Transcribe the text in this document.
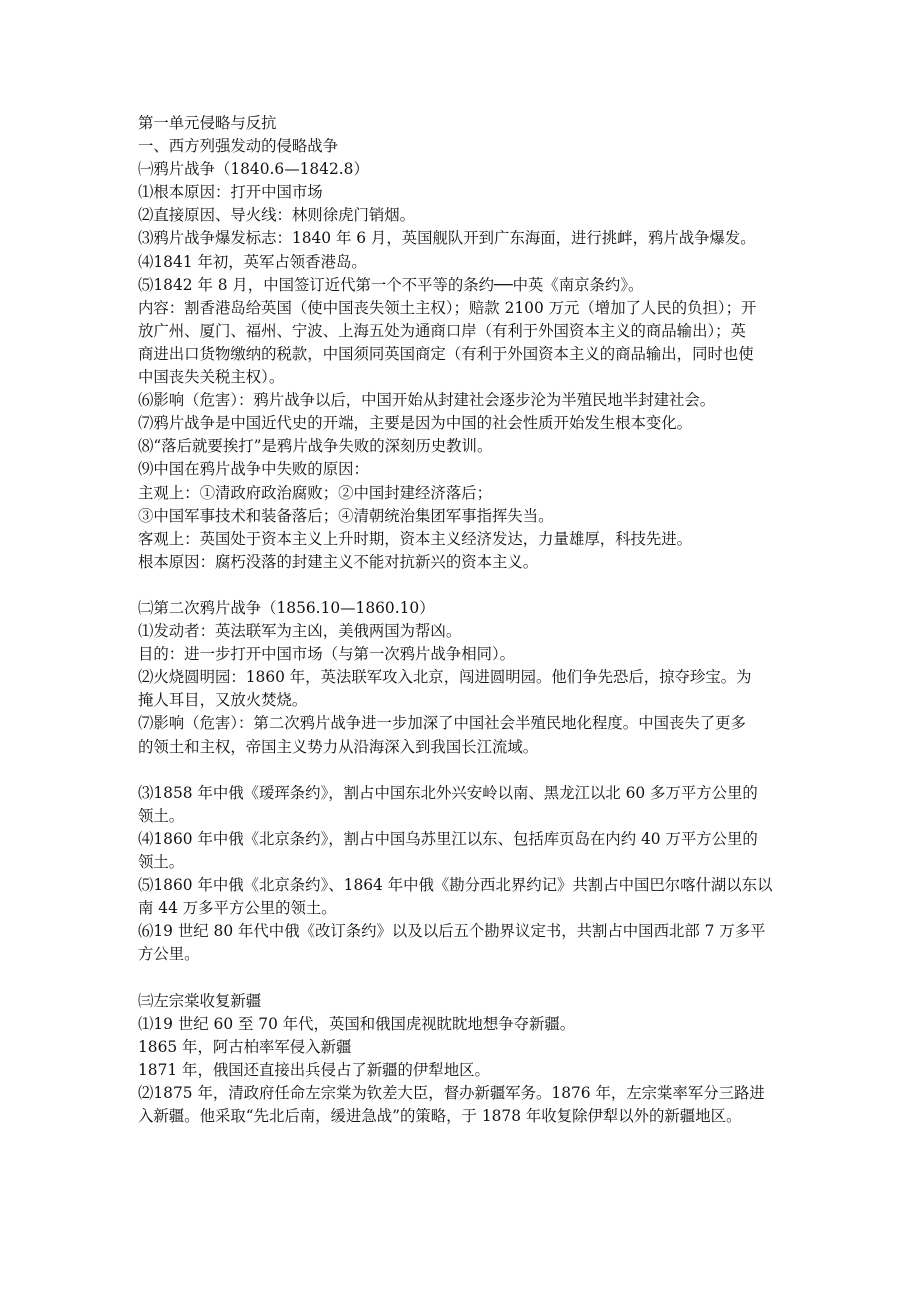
第一单元侵略与反抗
一、西方列强发动的侵略战争
㈠鸦片战争（1840.6—1842.8）
⑴根本原因：打开中国市场
⑵直接原因、导火线：林则徐虎门销烟。
⑶鸦片战争爆发标志：1840 年 6 月，英国舰队开到广东海面，进行挑衅，鸦片战争爆发。
⑷1841 年初，英军占领香港岛。
⑸1842 年 8 月，中国签订近代第一个不平等的条约──中英《南京条约》。
内容：割香港岛给英国（使中国丧失领土主权）；赔款 2100 万元（增加了人民的负担）；开
放广州、厦门、福州、宁波、上海五处为通商口岸（有利于外国资本主义的商品输出）；英
商进出口货物缴纳的税款，中国须同英国商定（有利于外国资本主义的商品输出，同时也使
中国丧失关税主权）。
⑹影响（危害）：鸦片战争以后，中国开始从封建社会逐步沦为半殖民地半封建社会。
⑺鸦片战争是中国近代史的开端，主要是因为中国的社会性质开始发生根本变化。
⑻“落后就要挨打”是鸦片战争失败的深刻历史教训。
⑼中国在鸦片战争中失败的原因：
主观上：①清政府政治腐败；②中国封建经济落后；
③中国军事技术和装备落后；④清朝统治集团军事指挥失当。
客观上：英国处于资本主义上升时期，资本主义经济发达，力量雄厚，科技先进。
根本原因：腐朽没落的封建主义不能对抗新兴的资本主义。
㈡第二次鸦片战争（1856.10—1860.10）
⑴发动者：英法联军为主凶，美俄两国为帮凶。
目的：进一步打开中国市场（与第一次鸦片战争相同）。
⑵火烧圆明园：1860 年，英法联军攻入北京，闯进圆明园。他们争先恐后，掠夺珍宝。为
掩人耳目，又放火焚烧。
⑺影响（危害）：第二次鸦片战争进一步加深了中国社会半殖民地化程度。中国丧失了更多
的领土和主权，帝国主义势力从沿海深入到我国长江流域。
⑶1858 年中俄《瑷珲条约》，割占中国东北外兴安岭以南、黑龙江以北 60 多万平方公里的
领土。
⑷1860 年中俄《北京条约》，割占中国乌苏里江以东、包括库页岛在内约 40 万平方公里的
领土。
⑸1860 年中俄《北京条约》、1864 年中俄《勘分西北界约记》共割占中国巴尔喀什湖以东以
南 44 万多平方公里的领土。
⑹19 世纪 80 年代中俄《改订条约》以及以后五个勘界议定书，共割占中国西北部 7 万多平
方公里。
㈢左宗棠收复新疆
⑴19 世纪 60 至 70 年代，英国和俄国虎视眈眈地想争夺新疆。
1865 年，阿古柏率军侵入新疆
1871 年，俄国还直接出兵侵占了新疆的伊犁地区。
⑵1875 年，清政府任命左宗棠为钦差大臣，督办新疆军务。1876 年，左宗棠率军分三路进
入新疆。他采取“先北后南，缓进急战”的策略，于 1878 年收复除伊犁以外的新疆地区。
